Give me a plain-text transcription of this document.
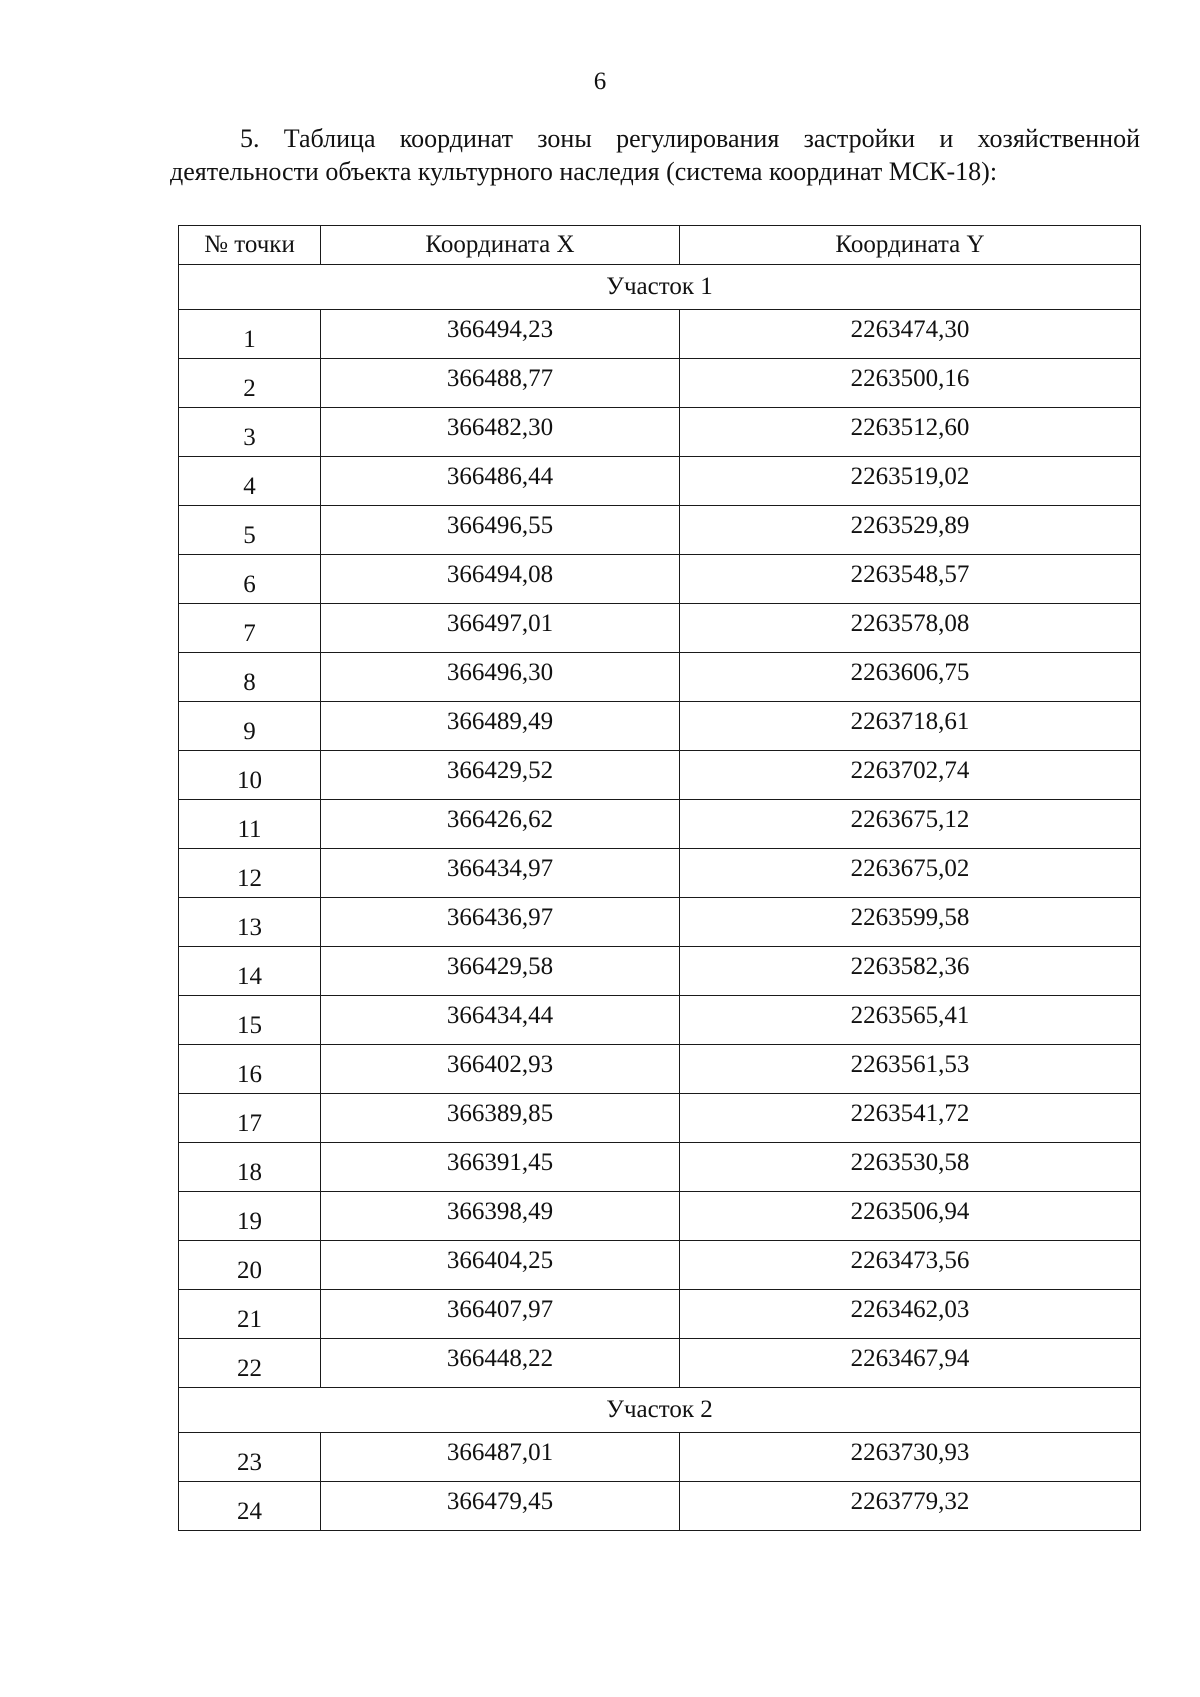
6
5. Таблица координат зоны регулирования застройки и хозяйственной
деятельности объекта культурного наследия (система координат МСК-18):
№ точки	Координата X	Координата Y
Участок 1		
1	366494,23	2263474,30
2	366488,77	2263500,16
3	366482,30	2263512,60
4	366486,44	2263519,02
5	366496,55	2263529,89
6	366494,08	2263548,57
7	366497,01	2263578,08
8	366496,30	2263606,75
9	366489,49	2263718,61
10	366429,52	2263702,74
11	366426,62	2263675,12
12	366434,97	2263675,02
13	366436,97	2263599,58
14	366429,58	2263582,36
15	366434,44	2263565,41
16	366402,93	2263561,53
17	366389,85	2263541,72
18	366391,45	2263530,58
19	366398,49	2263506,94
20	366404,25	2263473,56
21	366407,97	2263462,03
22	366448,22	2263467,94
Участок 2		
23	366487,01	2263730,93
24	366479,45	2263779,32
